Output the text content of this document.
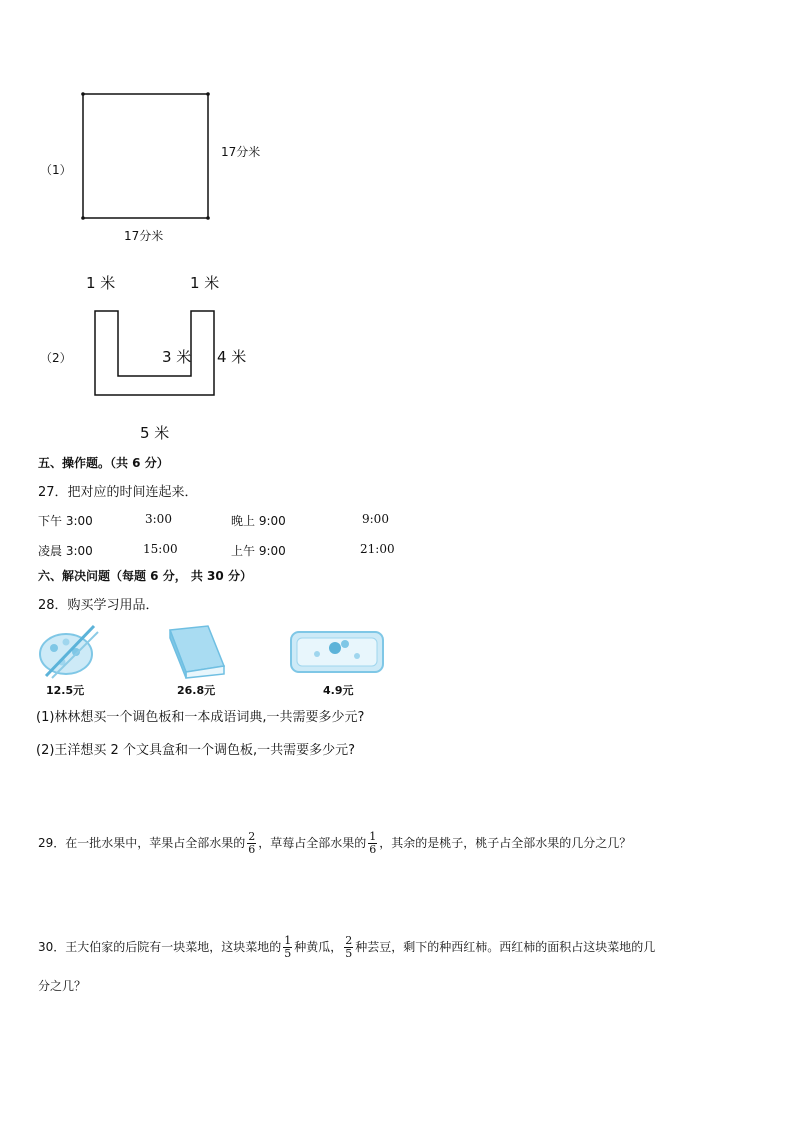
（1）
17分米
17分米
（2）
1 米	1 米
3 米 4 米
5 米
五、操作题。（共 6 分）
27．把对应的时间连起来．
下午 3:00	3:00	晚上 9:00	9:00
凌晨 3:00	15:00	上午 9:00	21:00
六、解决问题（每题 6 分， 共 30 分）
28．购买学习用品．
12.5元	26.8元	4.9元
(1)林林想买一个调色板和一本成语词典,一共需要多少元?
(2)王洋想买 2 个文具盒和一个调色板,一共需要多少元?
29．在一批水果中，苹果占全部水果的 $\frac{2}{6}$ ，草莓占全部水果的 $\frac{1}{6}$ ，其余的是桃子，桃子占全部水果的几分之几？
30．王大伯家的后院有一块菜地，这块菜地的 $\frac{1}{5}$ 种黄瓜， $\frac{2}{5}$ 种芸豆，剩下的种西红柿。西红柿的面积占这块菜地的几
分之几？
